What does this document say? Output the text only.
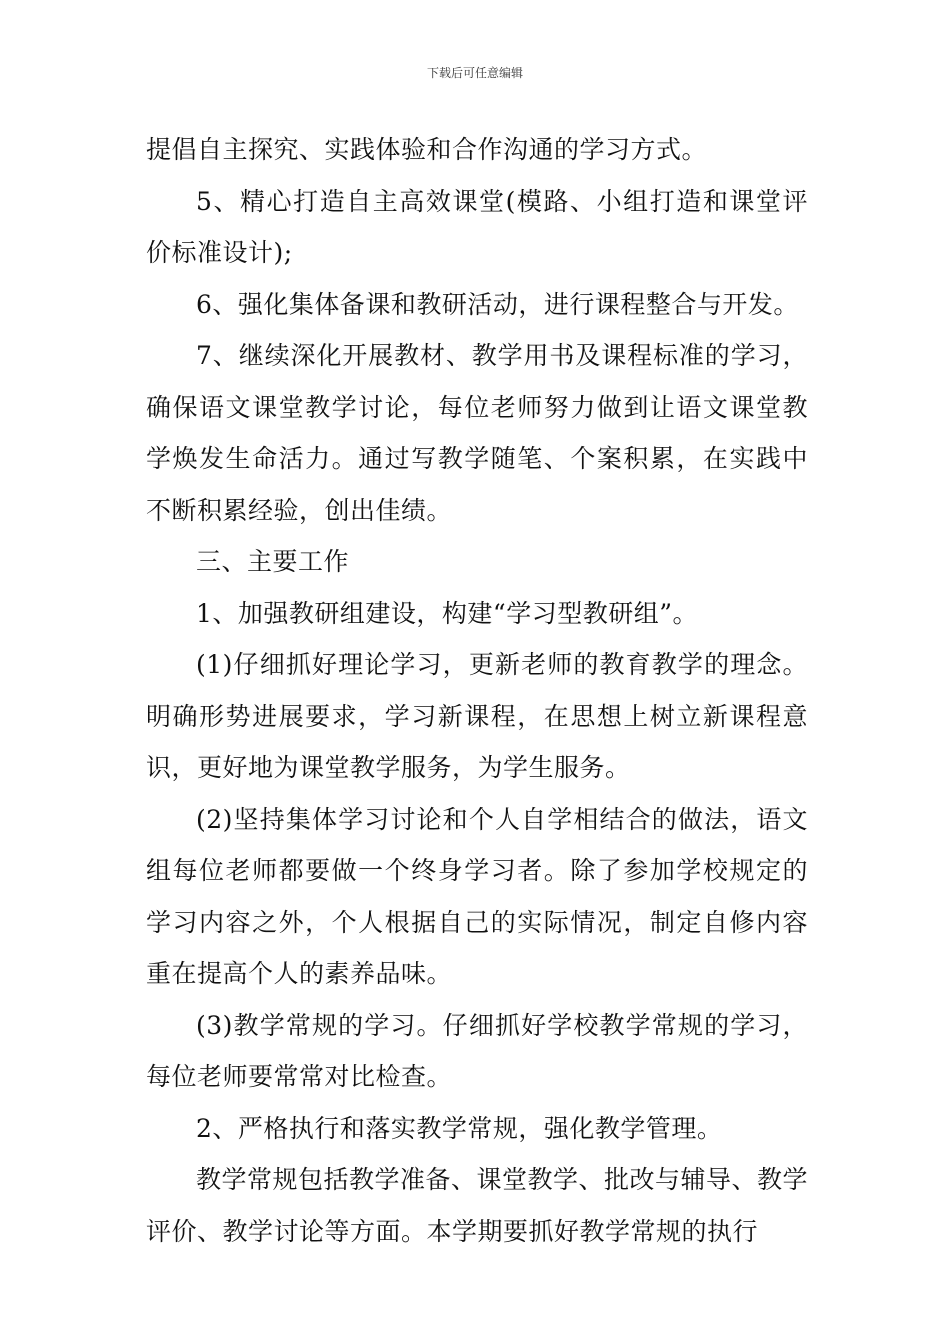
下载后可任意编辑

提倡自主探究、实践体验和合作沟通的学习方式。

5、精心打造自主高效课堂(模路、小组打造和课堂评价标准设计);

6、强化集体备课和教研活动，进行课程整合与开发。

7、继续深化开展教材、教学用书及课程标准的学习，确保语文课堂教学讨论，每位老师努力做到让语文课堂教学焕发生命活力。通过写教学随笔、个案积累，在实践中不断积累经验，创出佳绩。

三、主要工作

1、加强教研组建设，构建“学习型教研组”。

(1)仔细抓好理论学习，更新老师的教育教学的理念。明确形势进展要求，学习新课程，在思想上树立新课程意识，更好地为课堂教学服务，为学生服务。

(2)坚持集体学习讨论和个人自学相结合的做法，语文组每位老师都要做一个终身学习者。除了参加学校规定的学习内容之外，个人根据自己的实际情况，制定自修内容重在提高个人的素养品味。

(3)教学常规的学习。仔细抓好学校教学常规的学习，每位老师要常常对比检查。

2、严格执行和落实教学常规，强化教学管理。

教学常规包括教学准备、课堂教学、批改与辅导、教学评价、教学讨论等方面。本学期要抓好教学常规的执行
